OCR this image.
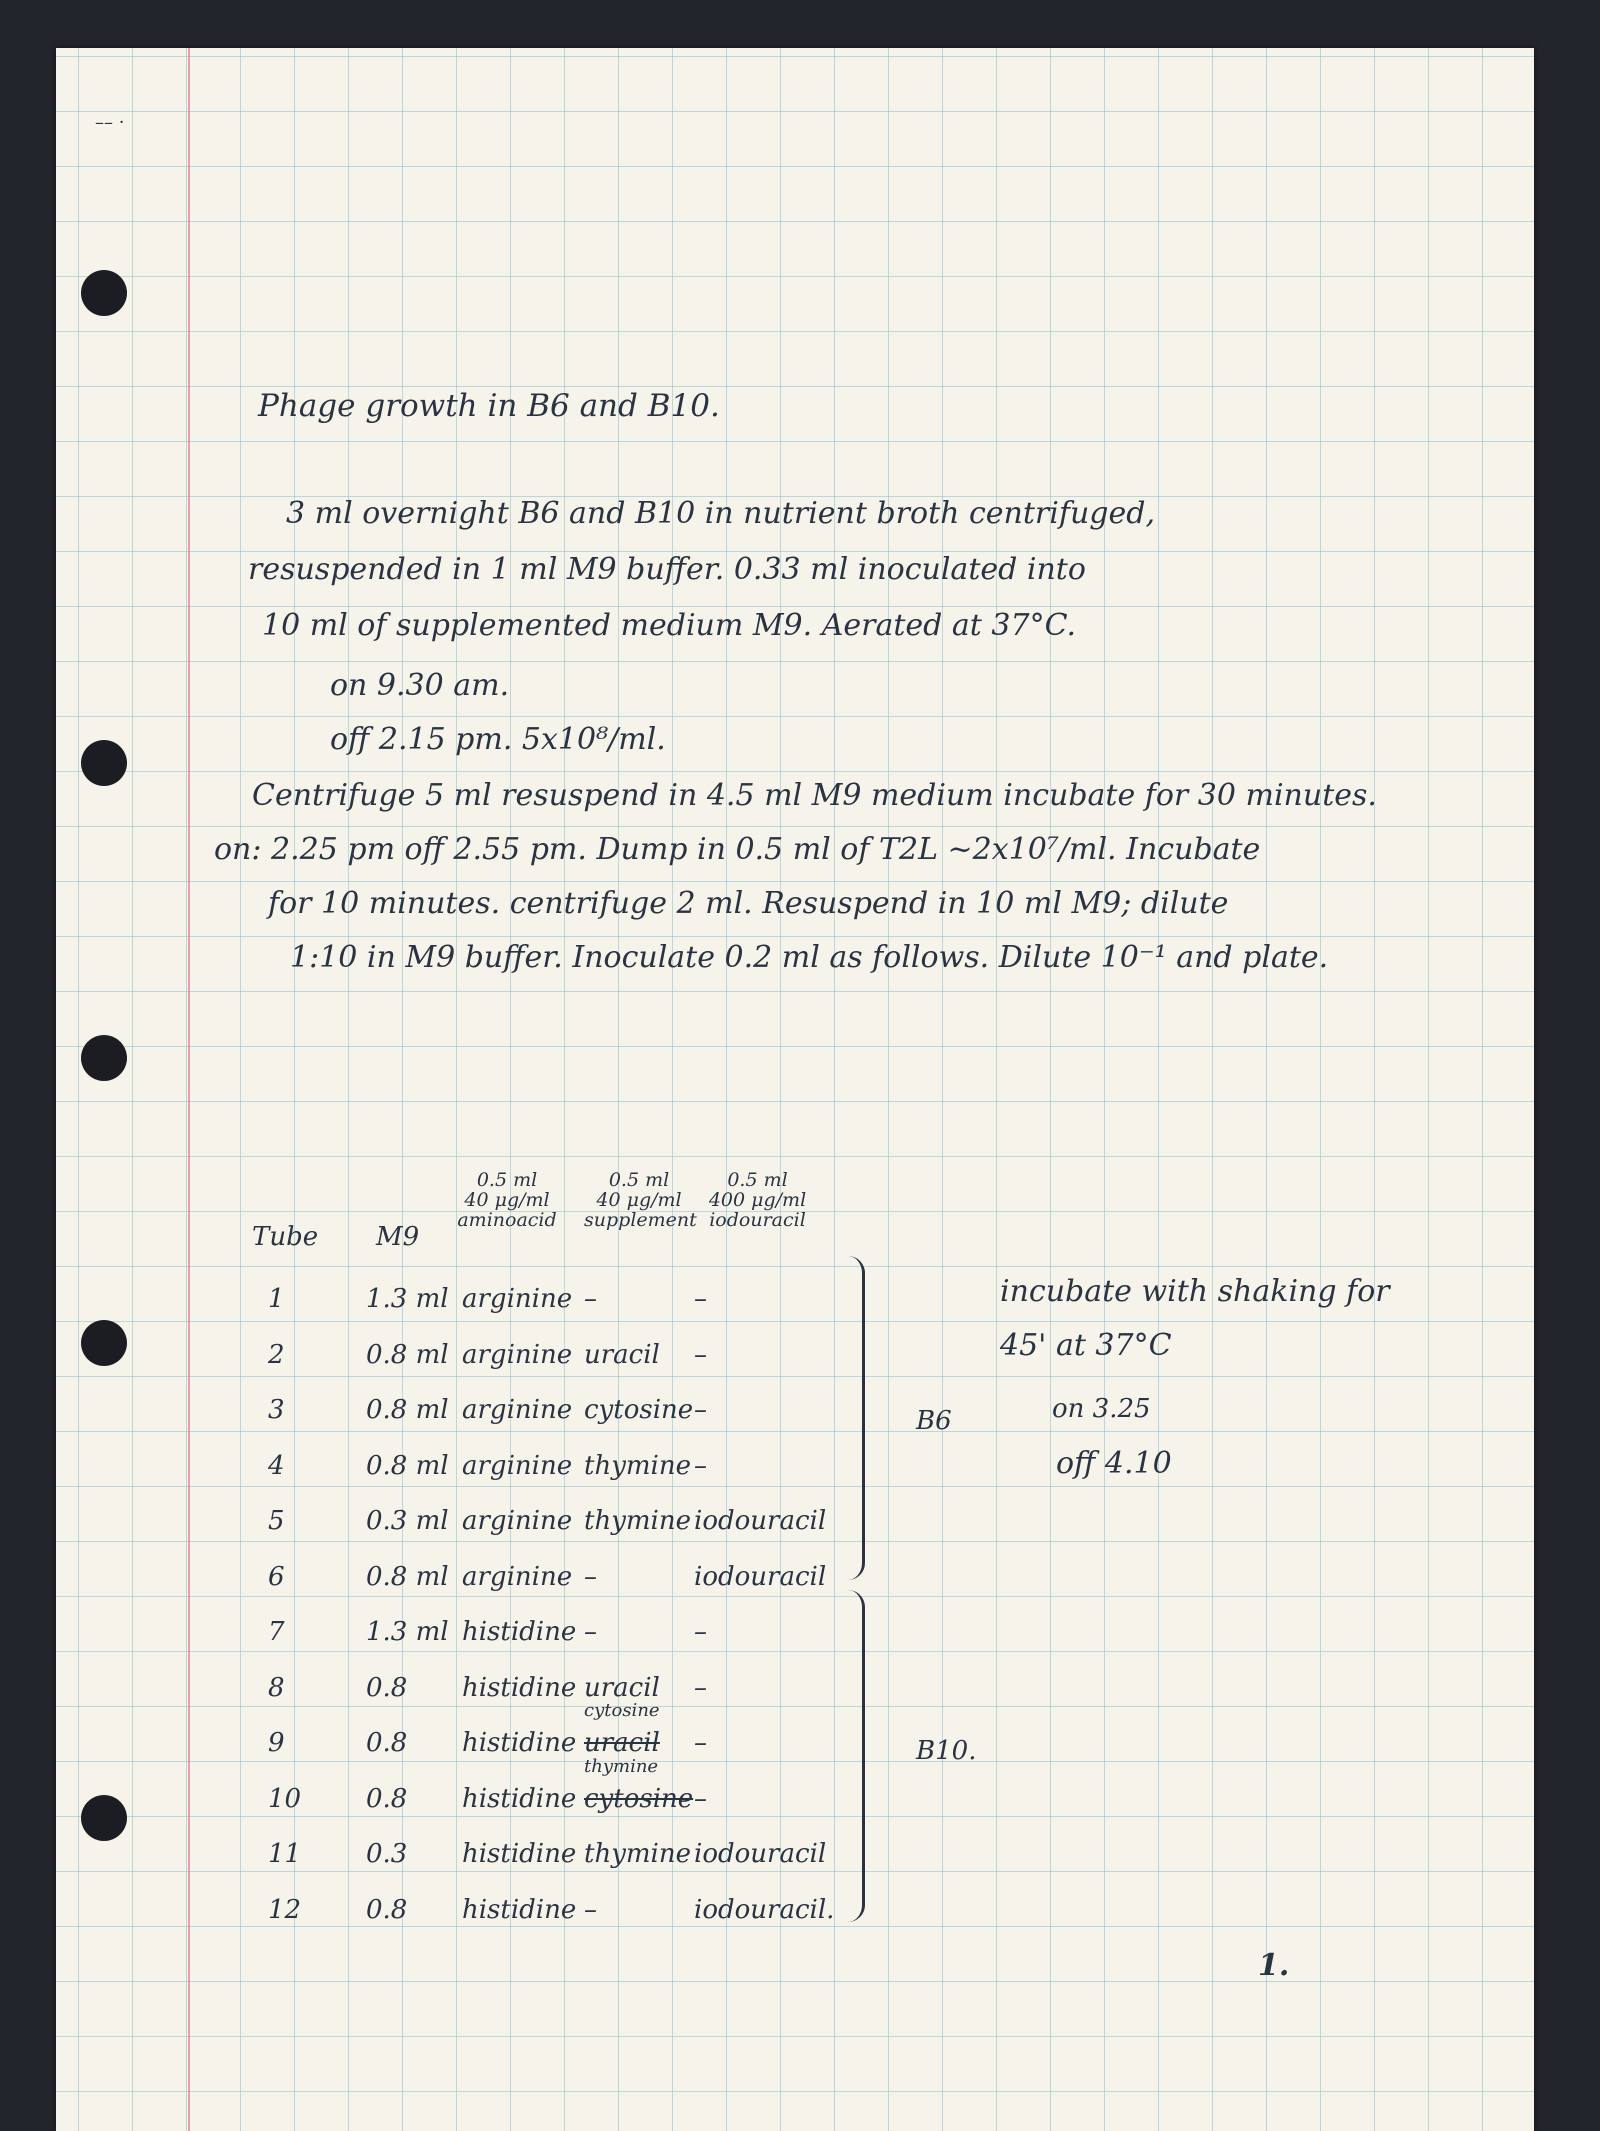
–– ·
Phage growth in B6 and B10.
3 ml overnight B6 and B10 in nutrient broth centrifuged,
resuspended in 1 ml M9 buffer. 0.33 ml inoculated into
10 ml of supplemented medium M9. Aerated at 37°C.
on 9.30 am.
off 2.15 pm. 5x10⁸/ml.
Centrifuge 5 ml resuspend in 4.5 ml M9 medium incubate for 30 minutes.
on: 2.25 pm off 2.55 pm. Dump in 0.5 ml of T2L ~2x10⁷/ml. Incubate
for 10 minutes. centrifuge 2 ml. Resuspend in 10 ml M9; dilute
1:10 in M9 buffer. Inoculate 0.2 ml as follows. Dilute 10⁻¹ and plate.
Tube M9
0.5 ml
40 μg/ml
aminoacid
0.5 ml
40 μg/ml
supplement
0.5 ml
400 μg/ml
iodouracil
1	1.3 ml arginine –	–
2	0.8 ml arginine uracil –
3	0.8 ml arginine cytosine –
4	0.8 ml arginine thymine –
5	0.3 ml arginine thymine iodouracil
6	0.8 ml arginine –	iodouracil
7	1.3 ml histidine –	–
8	0.8 histidine uracil –
9	0.8 histidine uracil –
10 0.8 histidine cytosine –
11 0.3 histidine thymine iodouracil
12 0.8 histidine –	iodouracil.
cytosine
thymine
B6
B10.
incubate with shaking for
45' at 37°C
on 3.25
off 4.10
1.
